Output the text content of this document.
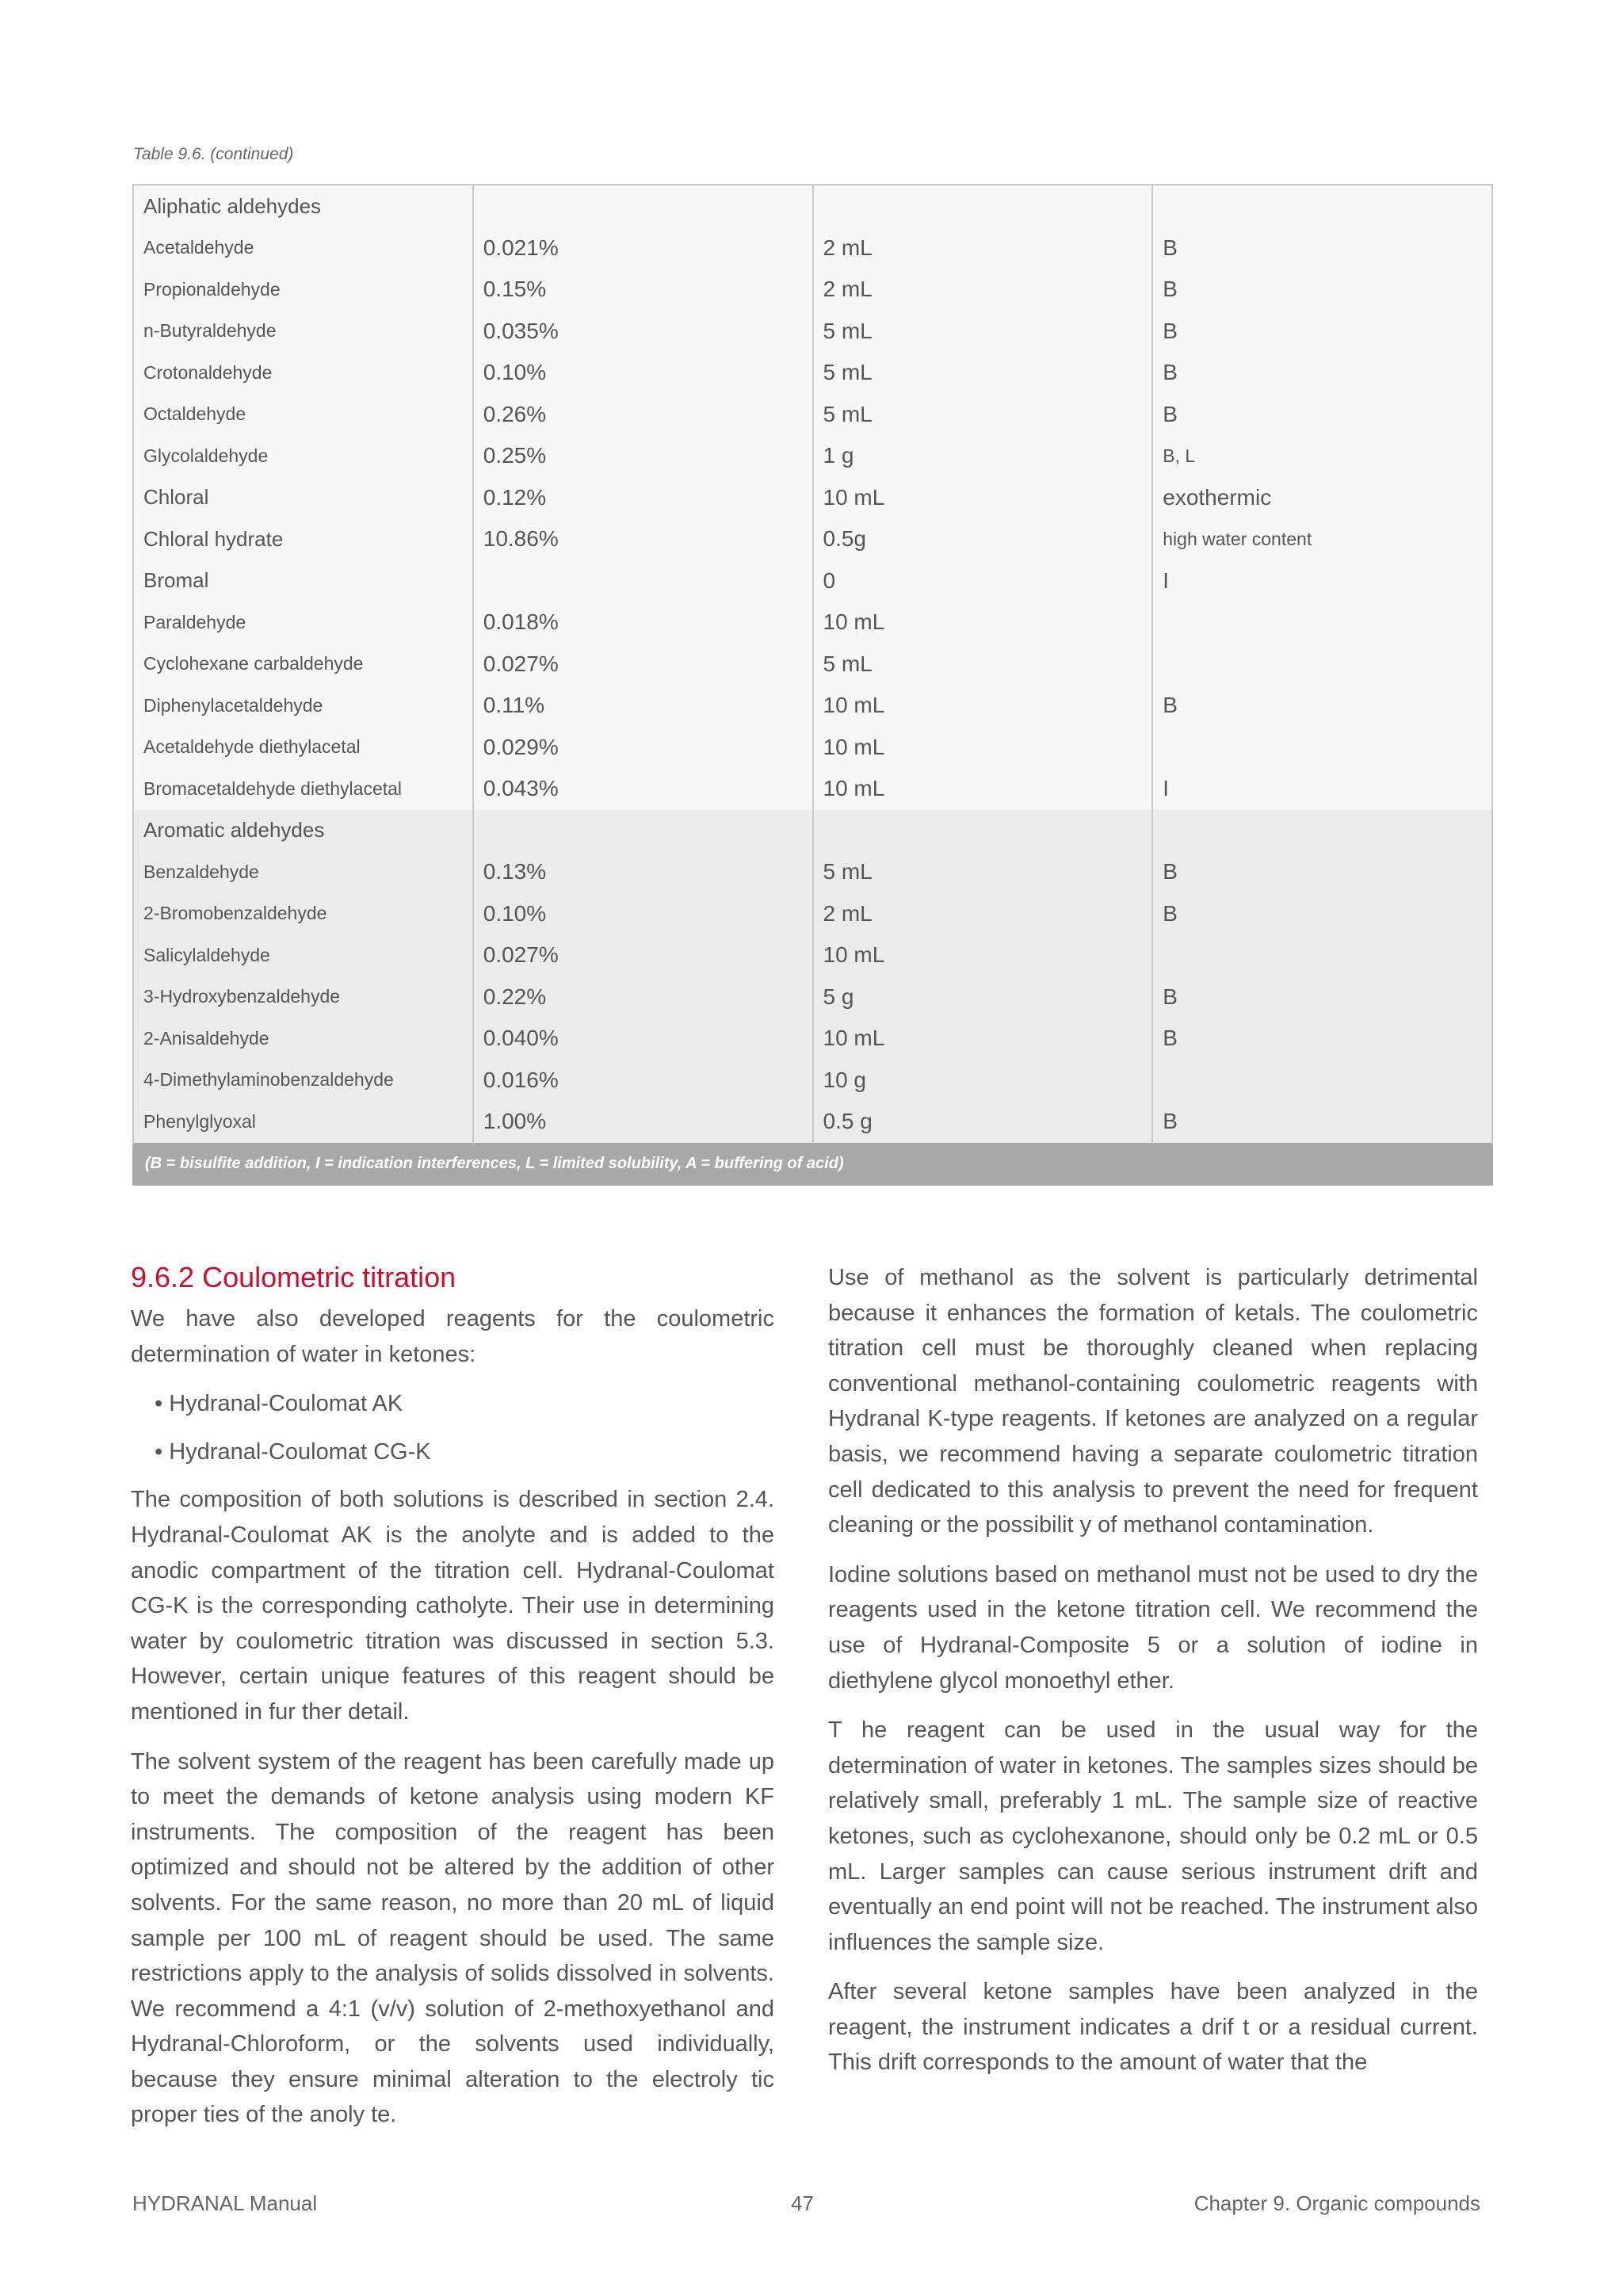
Table 9.6. (continued)
Aliphatic aldehydes			
Acetaldehyde	0.021%	2 mL	B
Propionaldehyde	0.15%	2 mL	B
n-Butyraldehyde	0.035%	5 mL	B
Crotonaldehyde	0.10%	5 mL	B
Octaldehyde	0.26%	5 mL	B
Glycolaldehyde	0.25%	1 g	B, L
Chloral	0.12%	10 mL	exothermic
Chloral hydrate	10.86%	0.5g	high water content
Bromal		0	I
Paraldehyde	0.018%	10 mL	
Cyclohexane carbaldehyde	0.027%	5 mL	
Diphenylacetaldehyde	0.11%	10 mL	B
Acetaldehyde diethylacetal	0.029%	10 mL	
Bromacetaldehyde diethylacetal	0.043%	10 mL	I
Aromatic aldehydes			
Benzaldehyde	0.13%	5 mL	B
2-Bromobenzaldehyde	0.10%	2 mL	B
Salicylaldehyde	0.027%	10 mL	
3-Hydroxybenzaldehyde	0.22%	5 g	B
2-Anisaldehyde	0.040%	10 mL	B
4-Dimethylaminobenzaldehyde	0.016%	10 g	
Phenylglyoxal	1.00%	0.5 g	B
(B = bisulfite addition, I = indication interferences, L = limited solubility, A = buffering of acid)			
9.6.2 Coulometric titration

We have also developed reagents for the coulometric determination of water in ketones:

• Hydranal-Coulomat AK
• Hydranal-Coulomat CG-K

The composition of both solutions is described in section 2.4. Hydranal-Coulomat AK is the anolyte and is added to the anodic compartment of the titration cell. Hydranal-Coulomat CG-K is the corresponding catholyte. Their use in determining water by coulometric titration was discussed in section 5.3. However, certain unique features of this reagent should be mentioned in fur ther detail.

The solvent system of the reagent has been carefully made up to meet the demands of ketone analysis using modern KF instruments. The composition of the reagent has been optimized and should not be altered by the addition of other solvents. For the same reason, no more than 20 mL of liquid sample per 100 mL of reagent should be used. The same restrictions apply to the analysis of solids dissolved in solvents. We recommend a 4:1 (v/v) solution of 2-methoxyethanol and Hydranal-Chloroform, or the solvents used individually, because they ensure minimal alteration to the electroly tic proper ties of the anoly te.

Use of methanol as the solvent is particularly detrimental because it enhances the formation of ketals. The coulometric titration cell must be thoroughly cleaned when replacing conventional methanol-containing coulometric reagents with Hydranal K-type reagents. If ketones are analyzed on a regular basis, we recommend having a separate coulometric titration cell dedicated to this analysis to prevent the need for frequent cleaning or the possibilit y of methanol contamination.

Iodine solutions based on methanol must not be used to dry the reagents used in the ketone titration cell. We recommend the use of Hydranal-Composite 5 or a solution of iodine in diethylene glycol monoethyl ether.

T he reagent can be used in the usual way for the determination of water in ketones. The samples sizes should be relatively small, preferably 1 mL. The sample size of reactive ketones, such as cyclohexanone, should only be 0.2 mL or 0.5 mL. Larger samples can cause serious instrument drift and eventually an end point will not be reached. The instrument also influences the sample size.

After several ketone samples have been analyzed in the reagent, the instrument indicates a drif t or a residual current. This drift corresponds to the amount of water that the

HYDRANAL Manual	47	Chapter 9. Organic compounds
